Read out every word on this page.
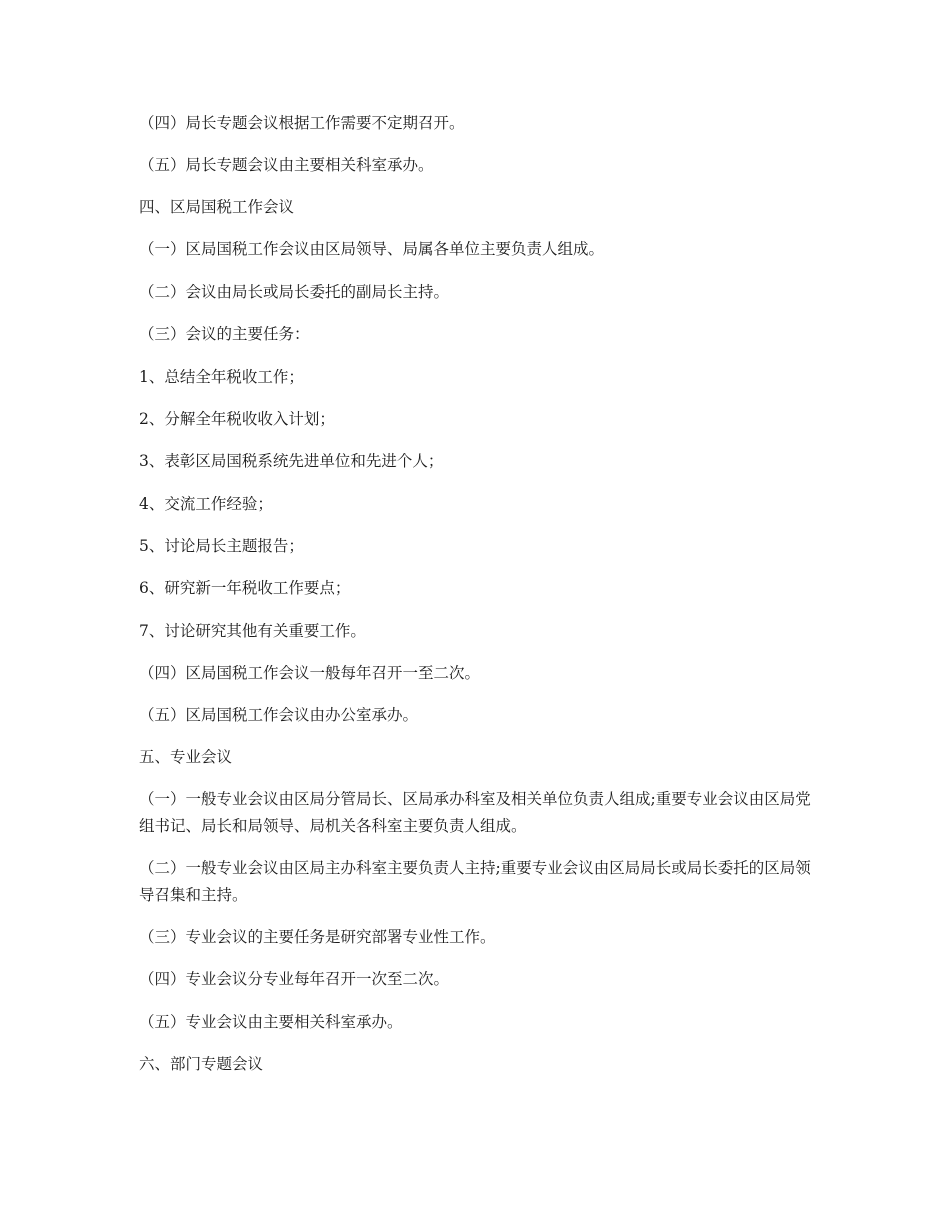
（四）局长专题会议根据工作需要不定期召开。

（五）局长专题会议由主要相关科室承办。

四、区局国税工作会议

（一）区局国税工作会议由区局领导、局属各单位主要负责人组成。

（二）会议由局长或局长委托的副局长主持。

（三）会议的主要任务：

1、总结全年税收工作；

2、分解全年税收收入计划；

3、表彰区局国税系统先进单位和先进个人；

4、交流工作经验；

5、讨论局长主题报告；

6、研究新一年税收工作要点；

7、讨论研究其他有关重要工作。

（四）区局国税工作会议一般每年召开一至二次。

（五）区局国税工作会议由办公室承办。

五、专业会议

（一）一般专业会议由区局分管局长、区局承办科室及相关单位负责人组成;重要专业会议由区局党组书记、局长和局领导、局机关各科室主要负责人组成。

（二）一般专业会议由区局主办科室主要负责人主持;重要专业会议由区局局长或局长委托的区局领导召集和主持。

（三）专业会议的主要任务是研究部署专业性工作。

（四）专业会议分专业每年召开一次至二次。

（五）专业会议由主要相关科室承办。

六、部门专题会议
